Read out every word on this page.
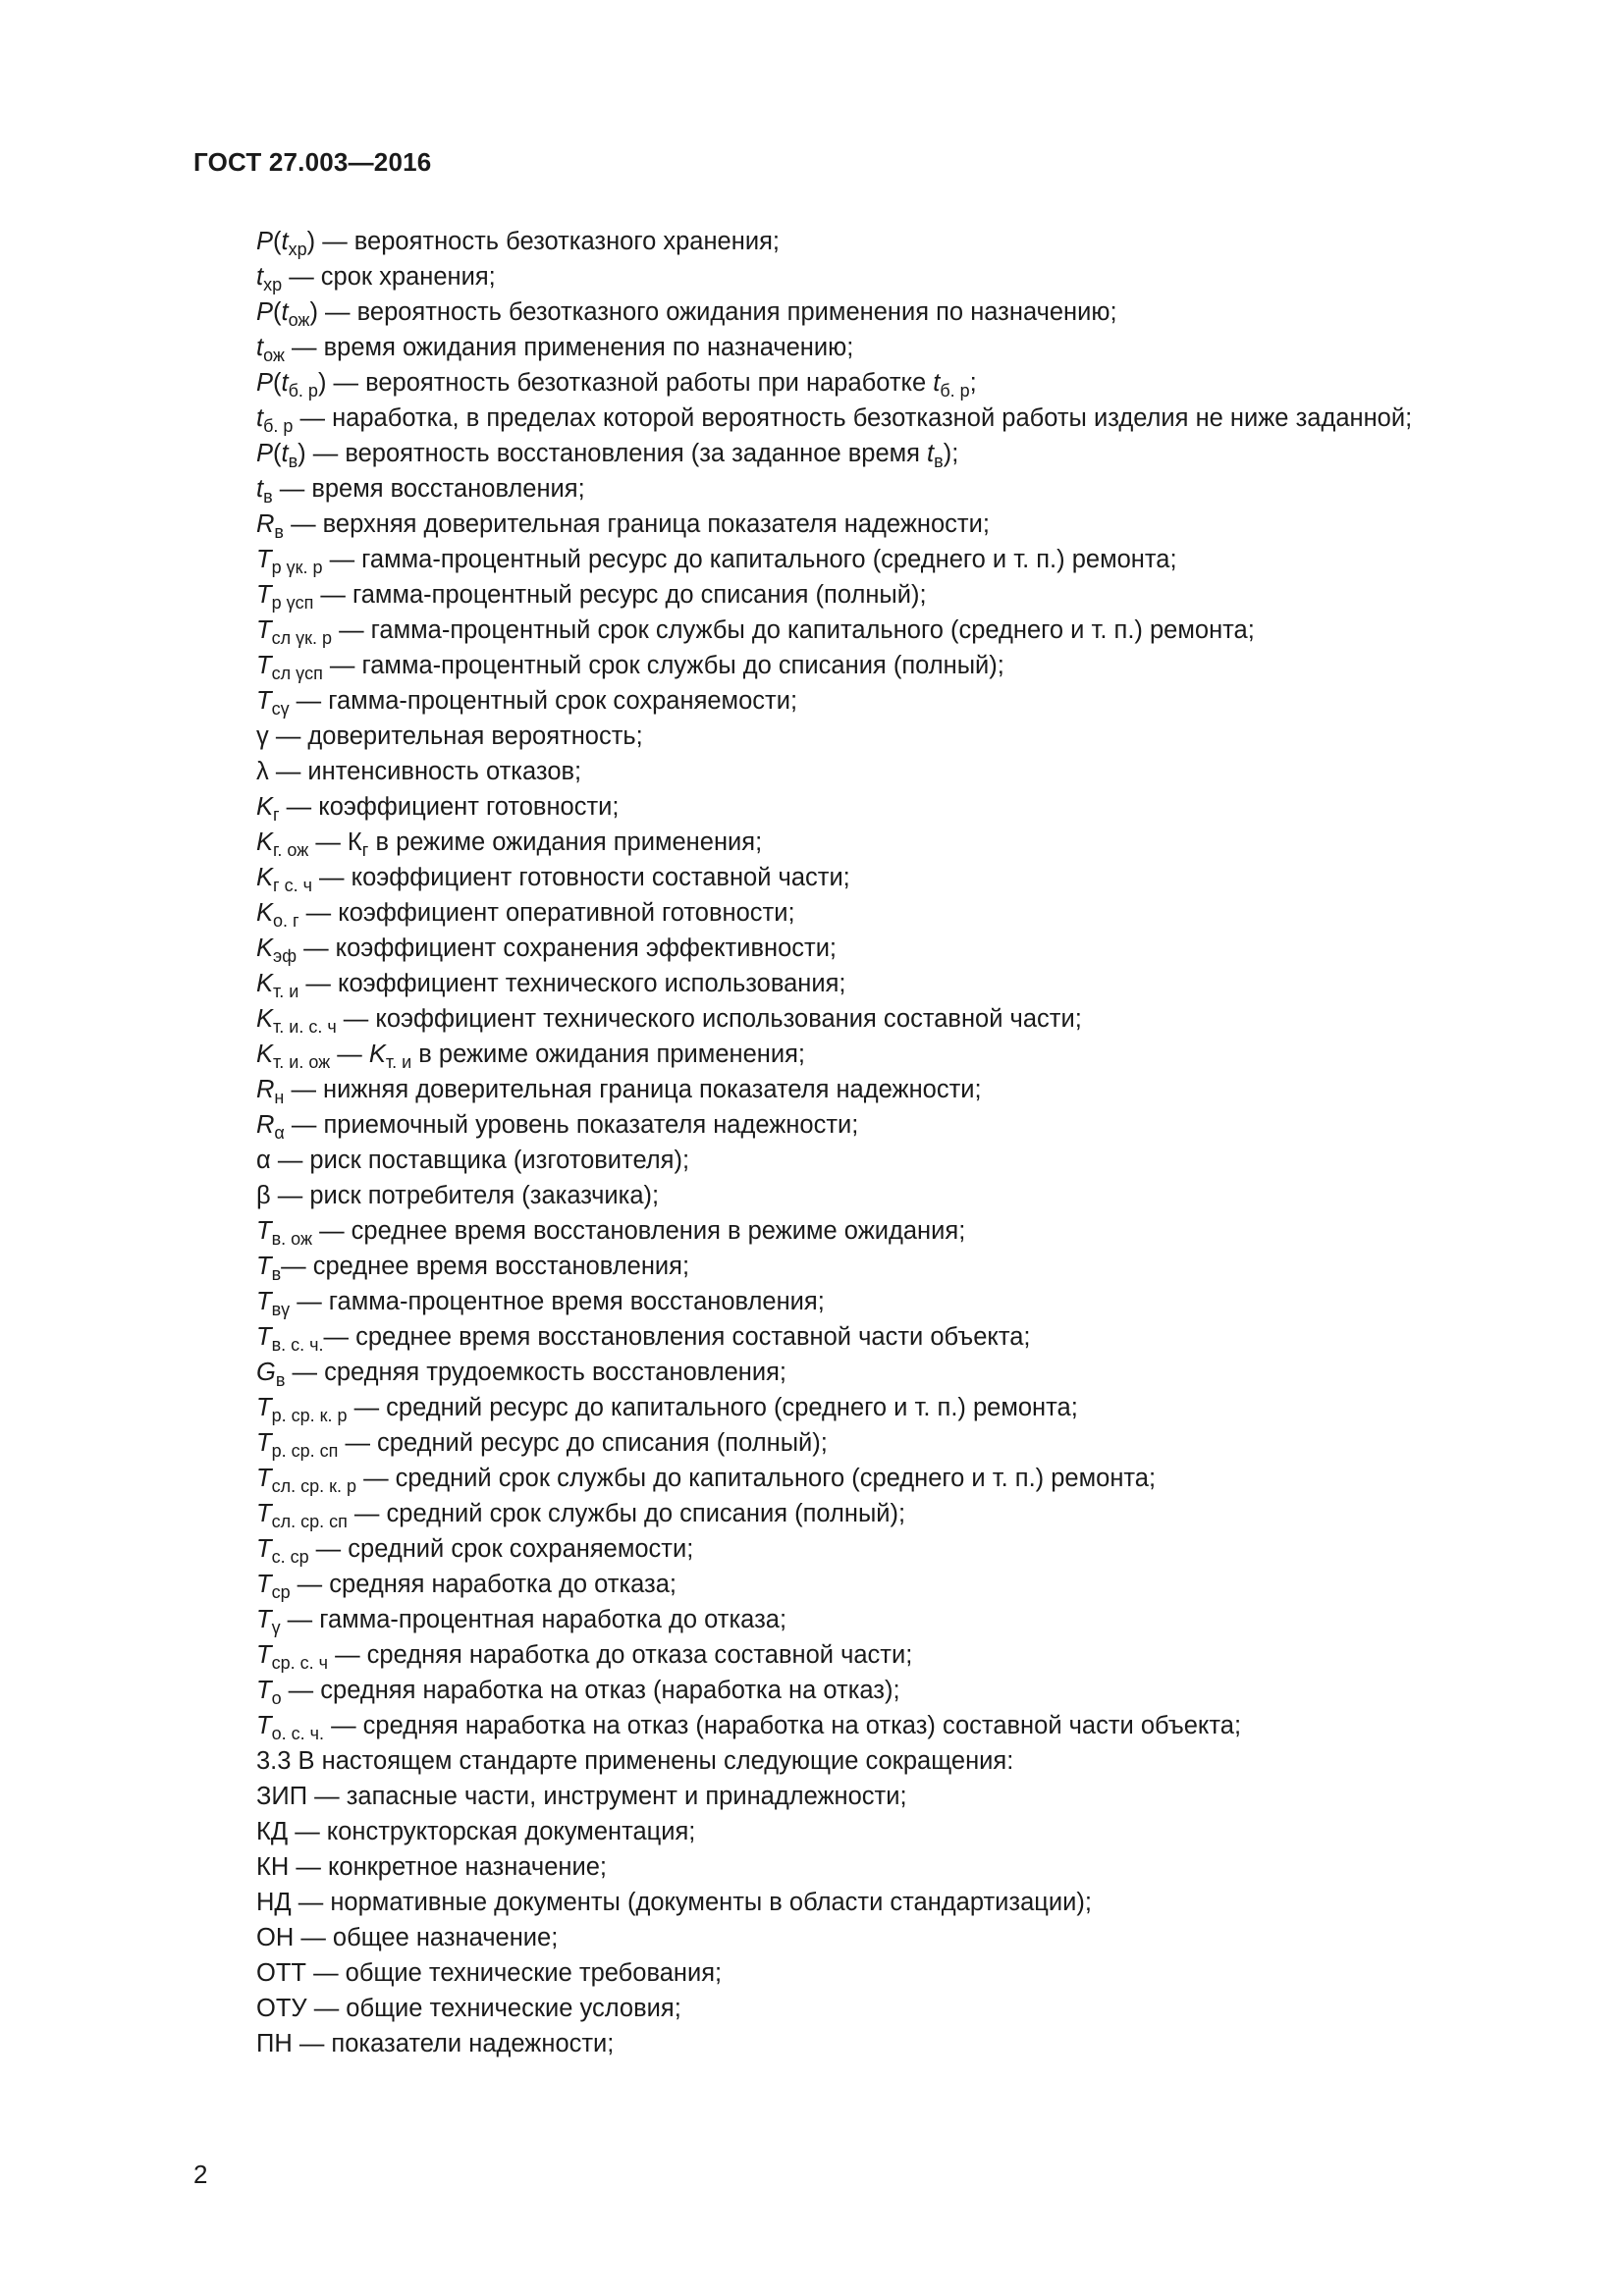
ГОСТ 27.003—2016
$P(t_{хр})$ — вероятность безотказного хранения;
$t_{хр}$ — срок хранения;
$P(t_{ож})$ — вероятность безотказного ожидания применения по назначению;
$t_{ож}$ — время ожидания применения по назначению;
$P(t_{б. р})$ — вероятность безотказной работы при наработке $t_{б. р}$;
$t_{б. р}$ — наработка, в пределах которой вероятность безотказной работы изделия не ниже заданной;
$P(t_в)$ — вероятность восстановления (за заданное время $t_в$);
$t_в$ — время восстановления;
$R_в$ — верхняя доверительная граница показателя надежности;
$T_{р \gamma к. р}$ — гамма-процентный ресурс до капитального (среднего и т. п.) ремонта;
$T_{р \gamma сп}$ — гамма-процентный ресурс до списания (полный);
$T_{сл \gamma к. р}$ — гамма-процентный срок службы до капитального (среднего и т. п.) ремонта;
$T_{сл \gamma сп}$ — гамма-процентный срок службы до списания (полный);
$T_{с\gamma}$ — гамма-процентный срок сохраняемости;
γ — доверительная вероятность;
λ — интенсивность отказов;
$K_г$ — коэффициент готовности;
$K_{г. ож}$ — $К_г$ в режиме ожидания применения;
$K_{г с. ч}$ — коэффициент готовности составной части;
$K_{о. г}$ — коэффициент оперативной готовности;
$K_{эф}$ — коэффициент сохранения эффективности;
$K_{т. и}$ — коэффициент технического использования;
$K_{т. и. с. ч}$ — коэффициент технического использования составной части;
$K_{т. и. ож}$ — $K_{т. и}$ в режиме ожидания применения;
$R_н$ — нижняя доверительная граница показателя надежности;
$R_\alpha$ — приемочный уровень показателя надежности;
α — риск поставщика (изготовителя);
β — риск потребителя (заказчика);
$T_{в. ож}$ — среднее время восстановления в режиме ожидания;
$T_в—$ среднее время восстановления;
$T_{в\gamma}$ — гамма-процентное время восстановления;
$T_{в. с. ч.}—$ среднее время восстановления составной части объекта;
$G_в$ — средняя трудоемкость восстановления;
$T_{р. ср. к. р}$ — средний ресурс до капитального (среднего и т. п.) ремонта;
$T_{р. ср. сп}$ — средний ресурс до списания (полный);
$T_{сл. ср. к. р}$ — средний срок службы до капитального (среднего и т. п.) ремонта;
$T_{сл. ср. сп}$ — средний срок службы до списания (полный);
$T_{с. ср}$ — средний срок сохраняемости;
$T_{ср}$ — средняя наработка до отказа;
$T_\gamma$ — гамма-процентная наработка до отказа;
$T_{ср. с. ч}$ — средняя наработка до отказа составной части;
$T_о$ — средняя наработка на отказ (наработка на отказ);
$T_{о. с. ч.}$ — средняя наработка на отказ (наработка на отказ) составной части объекта;
3.3 В настоящем стандарте применены следующие сокращения:
ЗИП — запасные части, инструмент и принадлежности;
КД — конструкторская документация;
КН — конкретное назначение;
НД — нормативные документы (документы в области стандартизации);
ОН — общее назначение;
ОТТ — общие технические требования;
ОТУ — общие технические условия;
ПН — показатели надежности;
2
